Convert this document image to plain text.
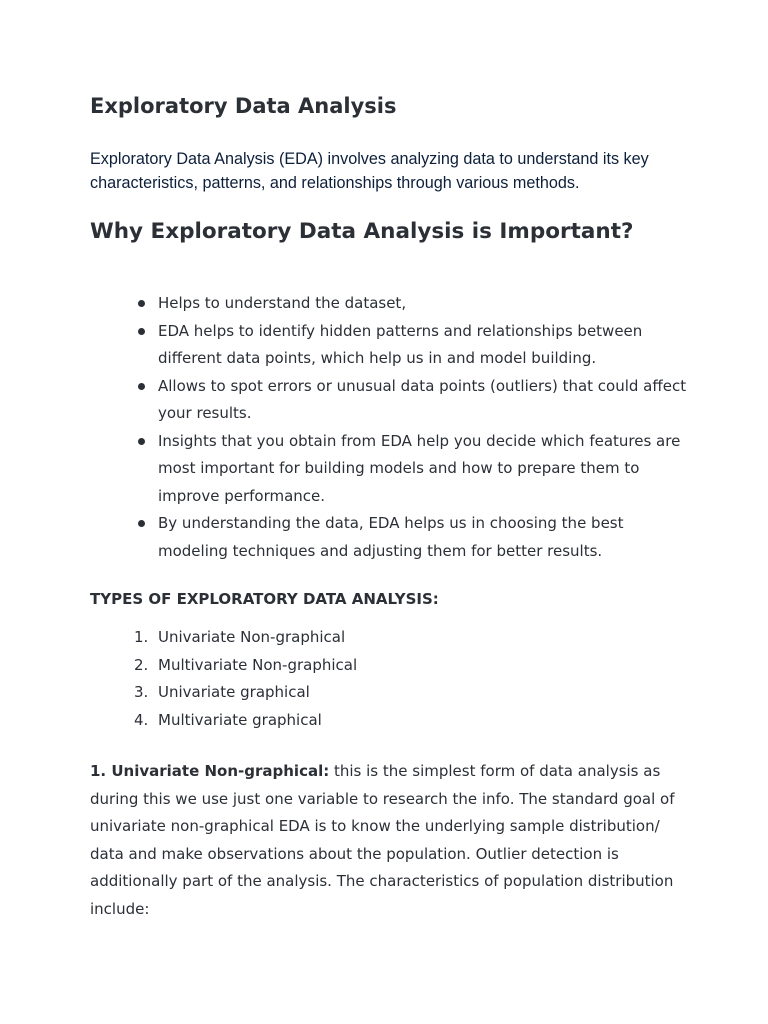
Exploratory Data Analysis

Exploratory Data Analysis (EDA) involves analyzing data to understand its key characteristics, patterns, and relationships through various methods.

Why Exploratory Data Analysis is Important?
Helps to understand the dataset,
EDA helps to identify hidden patterns and relationships between different data points, which help us in and model building.
Allows to spot errors or unusual data points (outliers) that could affect your results.
Insights that you obtain from EDA help you decide which features are most important for building models and how to prepare them to improve performance.
By understanding the data, EDA helps us in choosing the best modeling techniques and adjusting them for better results.
TYPES OF EXPLORATORY DATA ANALYSIS:
1. Univariate Non-graphical
2. Multivariate Non-graphical
3. Univariate graphical
4. Multivariate graphical

1. Univariate Non-graphical: this is the simplest form of data analysis as during this we use just one variable to research the info. The standard goal of univariate non-graphical EDA is to know the underlying sample distribution/ data and make observations about the population. Outlier detection is additionally part of the analysis. The characteristics of population distribution include:
